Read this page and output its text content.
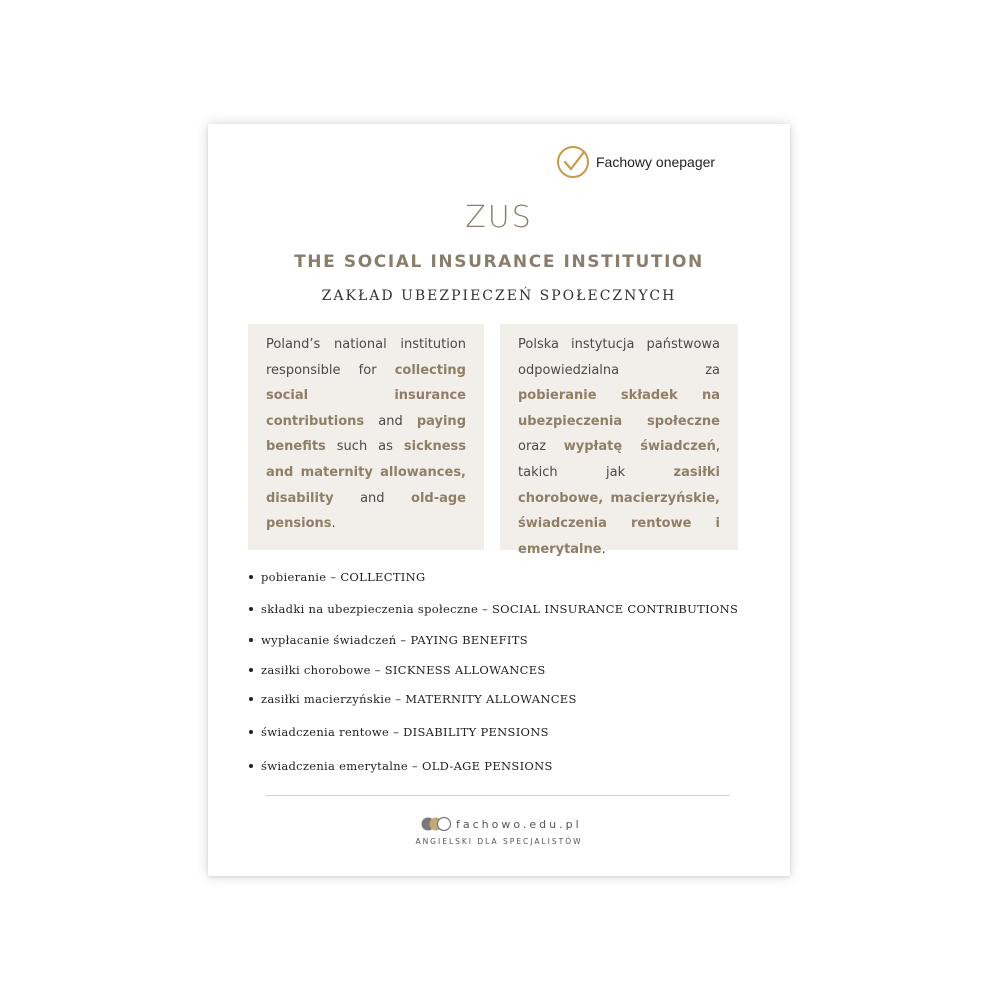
Fachowy onepager
ZUS
THE SOCIAL INSURANCE INSTITUTION
ZAKŁAD UBEZPIECZEŃ SPOŁECZNYCH
Poland’s national institution responsible for collecting social insurance contributions and paying benefits such as sickness and maternity allowances, disability and old-age pensions.
Polska instytucja państwowa odpowiedzialna za pobieranie składek na ubezpieczenia społeczne oraz wypłatę świadczeń, takich jak zasiłki chorobowe, macierzyńskie, świadczenia rentowe i emerytalne.
pobieranie – COLLECTING
składki na ubezpieczenia społeczne – SOCIAL INSURANCE CONTRIBUTIONS
wypłacanie świadczeń – PAYING BENEFITS
zasiłki chorobowe – SICKNESS ALLOWANCES
zasiłki macierzyńskie – MATERNITY ALLOWANCES
świadczenia rentowe – DISABILITY PENSIONS
świadczenia emerytalne – OLD-AGE PENSIONS
fachowo.edu.pl
ANGIELSKI DLA SPECJALISTÓW
